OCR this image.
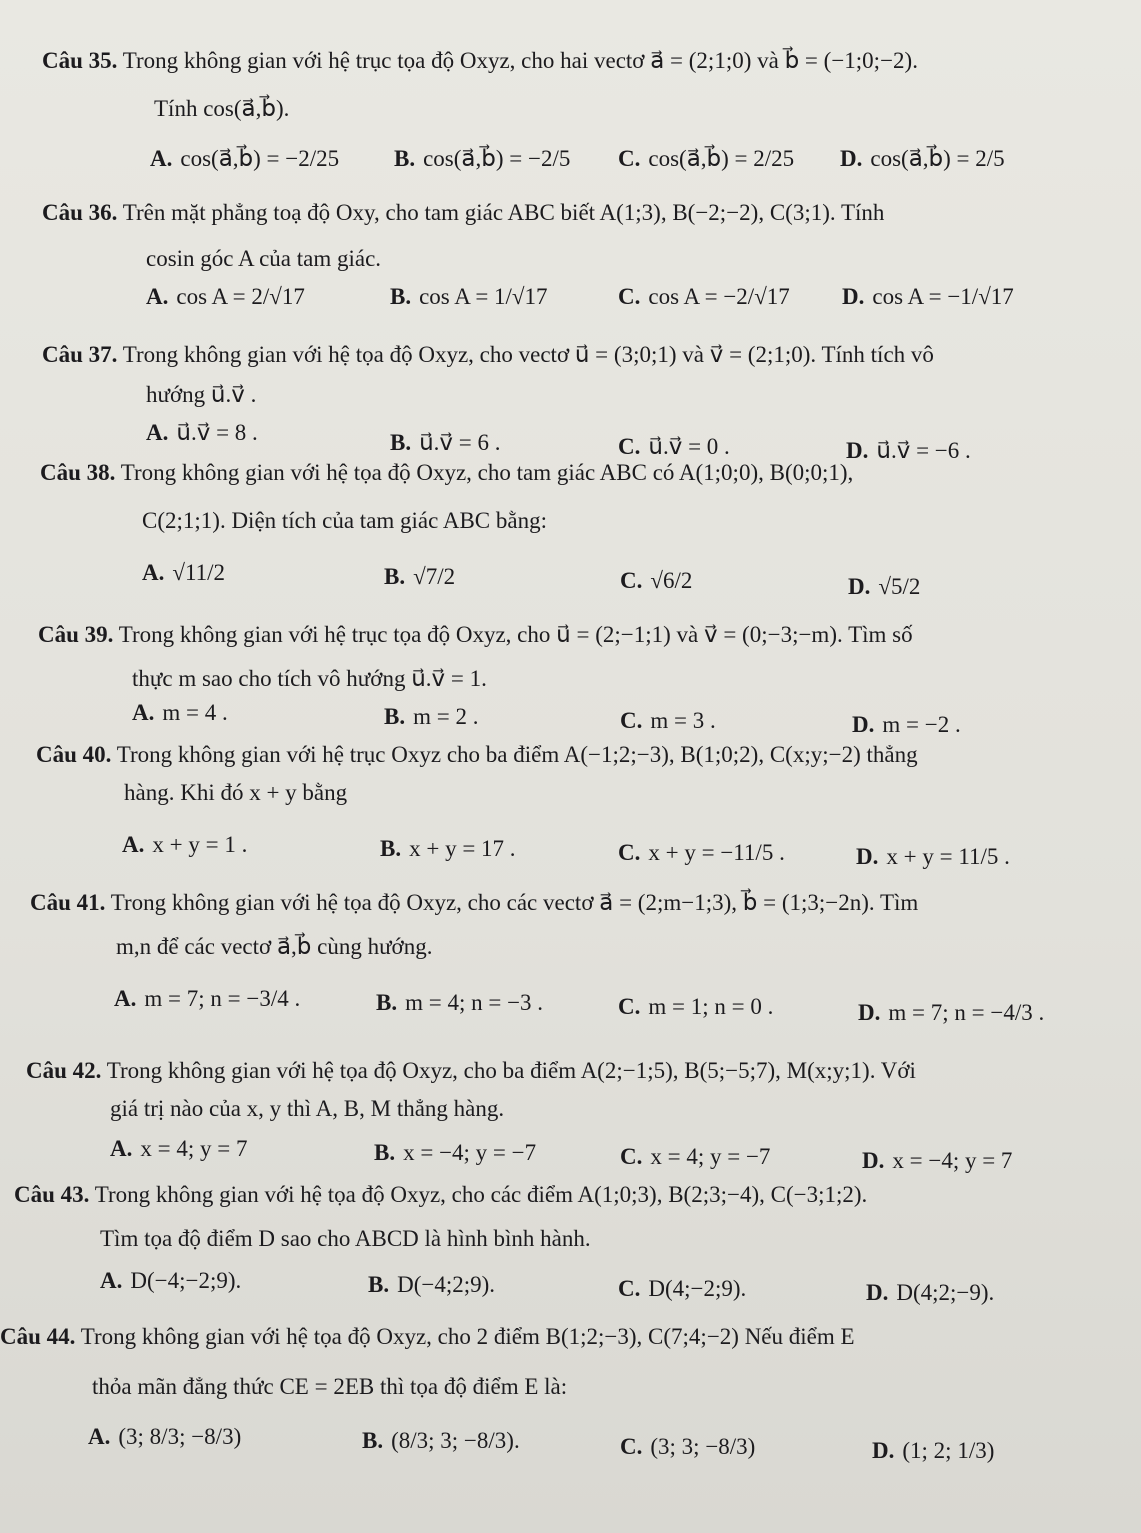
Câu 35. Trong không gian với hệ trục tọa độ Oxyz, cho hai vectơ a⃗ = (2;1;0) và b⃗ = (−1;0;−2).
Tính cos(a⃗,b⃗).
A. cos(a⃗,b⃗) = −2/25 B. cos(a⃗,b⃗) = −2/5 C. cos(a⃗,b⃗) = 2/25 D. cos(a⃗,b⃗) = 2/5
Câu 36. Trên mặt phẳng toạ độ Oxy, cho tam giác ABC biết A(1;3), B(−2;−2), C(3;1). Tính
cosin góc A của tam giác.
A. cos A = 2/√17	B. cos A = 1/√17	C. cos A = −2/√17 D. cos A = −1/√17
Câu 37. Trong không gian với hệ tọa độ Oxyz, cho vectơ u⃗ = (3;0;1) và v⃗ = (2;1;0). Tính tích vô
hướng u⃗.v⃗ .
A. u⃗.v⃗ = 8 .	B. u⃗.v⃗ = 6 .	C. u⃗.v⃗ = 0 .	D. u⃗.v⃗ = −6 .
Câu 38. Trong không gian với hệ tọa độ Oxyz, cho tam giác ABC có A(1;0;0), B(0;0;1),
C(2;1;1). Diện tích của tam giác ABC bằng:
A. √11/2	B. √7/2	C. √6/2	D. √5/2
Câu 39. Trong không gian với hệ trục tọa độ Oxyz, cho u⃗ = (2;−1;1) và v⃗ = (0;−3;−m). Tìm số
thực m sao cho tích vô hướng u⃗.v⃗ = 1.
A. m = 4 .	B. m = 2 .	C. m = 3 .	D. m = −2 .
Câu 40. Trong không gian với hệ trục Oxyz cho ba điểm A(−1;2;−3), B(1;0;2), C(x;y;−2) thẳng
hàng. Khi đó x + y bằng
A. x + y = 1 .	B. x + y = 17 .	C. x + y = −11/5 .	D. x + y = 11/5 .
Câu 41. Trong không gian với hệ tọa độ Oxyz, cho các vectơ a⃗ = (2;m−1;3), b⃗ = (1;3;−2n). Tìm
m,n để các vectơ a⃗,b⃗ cùng hướng.
A. m = 7; n = −3/4 .	B. m = 4; n = −3 .	C. m = 1; n = 0 .	D. m = 7; n = −4/3 .
Câu 42. Trong không gian với hệ tọa độ Oxyz, cho ba điểm A(2;−1;5), B(5;−5;7), M(x;y;1). Với
giá trị nào của x, y thì A, B, M thẳng hàng.
A. x = 4; y = 7	B. x = −4; y = −7	C. x = 4; y = −7	D. x = −4; y = 7
Câu 43. Trong không gian với hệ tọa độ Oxyz, cho các điểm A(1;0;3), B(2;3;−4), C(−3;1;2).
Tìm tọa độ điểm D sao cho ABCD là hình bình hành.
A. D(−4;−2;9).	B. D(−4;2;9).	C. D(4;−2;9).	D. D(4;2;−9).
Câu 44. Trong không gian với hệ tọa độ Oxyz, cho 2 điểm B(1;2;−3), C(7;4;−2) Nếu điểm E
thỏa mãn đẳng thức CE = 2EB thì tọa độ điểm E là:
A. (3; 8/3; −8/3)	B. (8/3; 3; −8/3).	C. (3; 3; −8/3)	D. (1; 2; 1/3)
